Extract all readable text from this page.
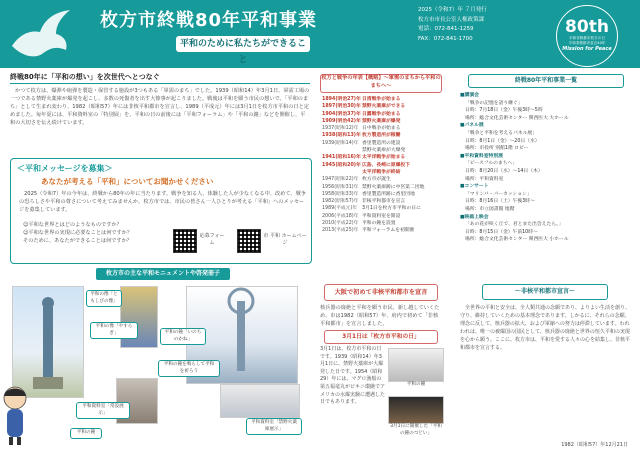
枚方市終戦80年平和事業
平和のために私たちができること
2025（令和7）年 ７月発行
枚方市市長公室人権政策課
電話：072-841-1259
FAX：072-841-1700
80th
平和非核都市枚方の日
平和非核都市宣言40年
Mission for Peace
終戦80年に「平和の想い」を次世代へとつなぐ
かつて枚方は、爆弾や砲弾を製造・保管する施設が3つもある「軍需のまち」でした。1939（昭和14）年3月1日、軍需工場の一つである禁野火薬庫が爆発を起こし、多数の死傷者を出す大惨事が起こりました。戦後は平和を願う市民の想いで、「平和のまち」として生まれ変わり、1982（昭和57）年には非核平和都市を宣言し、1989（平成元）年には3月1日を枚方市平和の日と定めました。毎年夏には、平和資料室の「特別展」を、平和の日の前後には「平和フォーラム」や「平和の鐘」などを開催し、平和の大切さを伝え続けています。
＜平和メッセージを募集＞
あなたが考える「平和」についてお聞かせください
2025（令和7）年の今年は、終戦から80年の年に当たります。戦争を知る人、体験した人が少なくなる中、改めて、戦争の恐ろしさや平和の尊さについて考えてみませんか。枚方市では、市民の皆さん一人ひとりが考える「平和」へのメッセージを募集しています。
☺平和な世界とはどのようなものですか？
☺平和な世界の実現に必要なことは何ですか？
そのために、あなたができることは何ですか？
応募フォーム
市 平和 ホームページ
枚方市の主な平和モニュメントや啓発冊子
平和の像「ともしびの像」
平和の像「やすらぎ」	平和の鐘「いのちのかね」
平和の鐘を鳴らして平和を祈ろう
平和資料室「常設展示」
平和の鐘
平和資料室「禁野火薬庫展示」
枚方と戦争の年表【概略】～軍需のまちから平和のまちへ～
1894(明治27)年 日清戦争が始まる
1897(明治30)年 禁野火薬庫ができる
1904(明治37)年 日露戦争が始まる
1909(明治42)年 禁野火薬庫が爆発
1937(昭和12)年 日中戦争が始まる
1938(昭和13)年 枚方製造所が稼働
1939(昭和14)年 香里製造所の建設
禁野火薬庫が大爆発
1941(昭和16)年 太平洋戦争が始まる
1945(昭和20)年 広島、長崎に原爆投下
太平洋戦争が終結
1947(昭和22)年 枚方市が誕生
1956(昭和31)年 禁野火薬庫跡に中宮第二団地
1958(昭和33)年 香里製造所跡に香里団地
1982(昭和57)年 非核平和都市を宣言
1989(平成元)年	3月1日を枚方市平和の日に
2006(平成18)年 平和資料室を開設
2010(平成22)年 平和の鐘を設置
2013(平成25)年 平和フォーラムを初開催
大阪で初めて非核平和都市を宣言
核兵器の廃絶と平和を願う市民、新し越していくため、市は1982（昭和57）年、府内で初めて「非核平和都市」を宣言しました。
3月1日は「枚方市平和の日」
3月1日は、枚方市平和の日です。1939（昭和14）年3月1日に、禁野火薬庫が大爆発した日です。1954（昭和29）年には、マグロ漁船の第五福竜丸がビキニ環礁でアメリカの水爆実験に遭遇した日でもあります。
平和の鐘
3月1日に開催した「平和の鐘のつどい」
終戦80年平和事業一覧
■講演会
「戦争の記憶を語り継ぐ」
日時：7月18日（金）午後3時～5時
場所：総合文化芸術センター 関西医大 大ホール
■パネル展
「戦争と平和を考えるパネル展」
日時：8月1日（金）～20日（水）
場所：市役所 別館1階 ロビー
■平和資料室特別展
「ピースフルのまちへ」
日時：8月20日（水）～14日（木）
場所：平和資料室
■コンサート
「マリンバ・パーカッション」
日時：8月16日（土）午後3時～
場所：市立図書館 地階
■映画上映会
「あの花が咲く丘で、君とまた出会えたら。」
日時：8月15日（金）午前10時～
場所：総合文化芸術センター 関西医大 小ホール
～非核平和都市宣言～
全世界の平和と安全は、全人類共通の念願であり、よりよい生活を創り、守り、維持していくための基本理念であります。しかるに、それらの念願、理念に反して、核兵器の拡大、および軍縮への努力は停滞しています。われわれは、唯一の被爆国の国民として、核兵器の廃絶と世界の恒久平和の実現を心から願う。ここに、枚方市は、平和を愛する人々の心を結集し、非核平和都市を宣言する。
1982（昭和57）年12月21日
